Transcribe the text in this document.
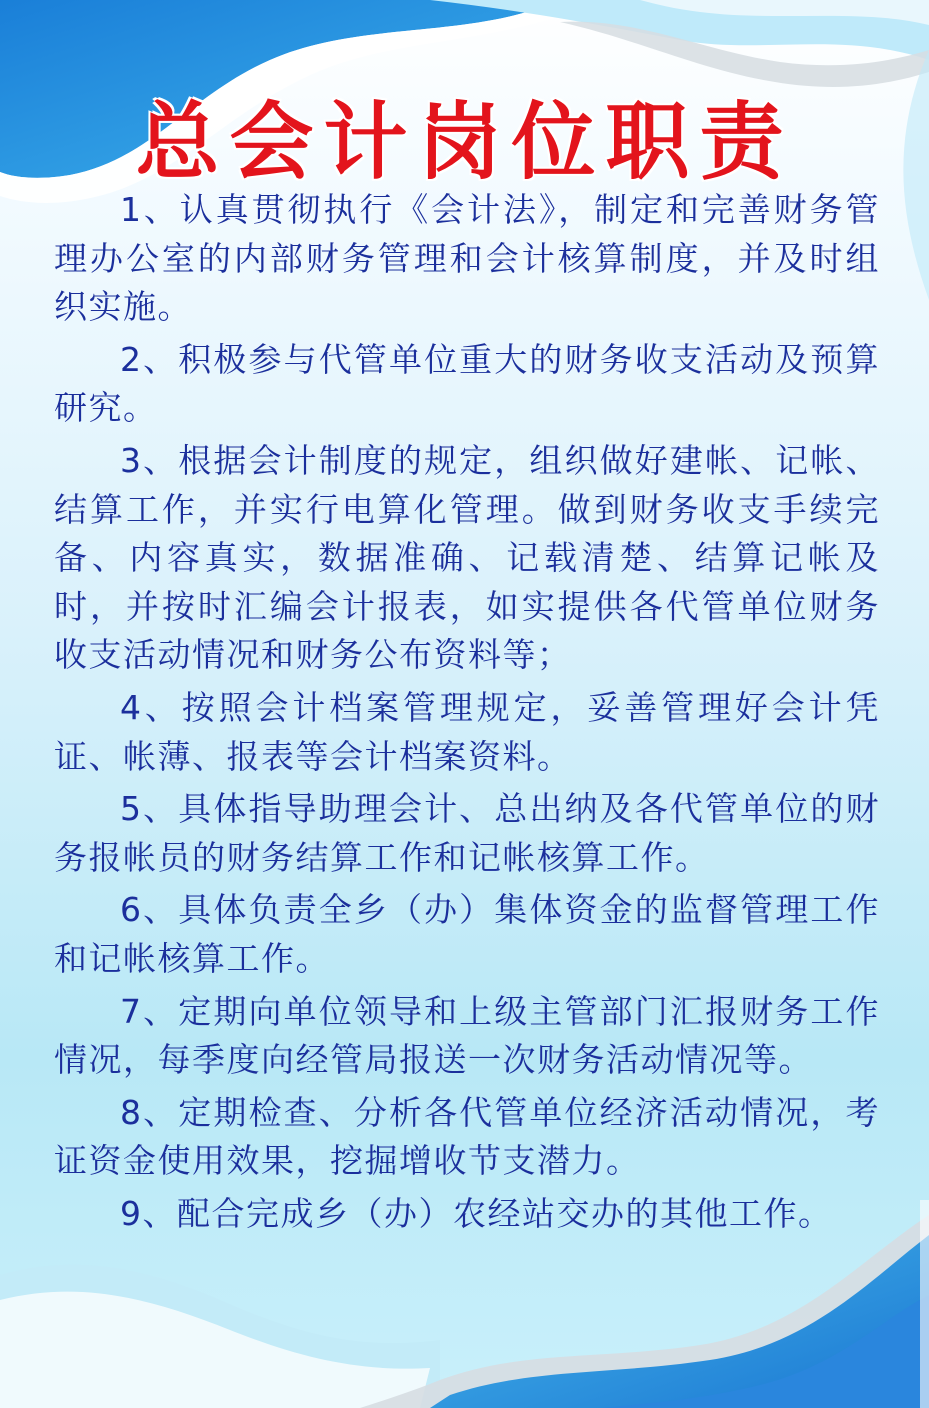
总会计岗位职责

1、认真贯彻执行《会计法》，制定和完善财务管理办公室的内部财务管理和会计核算制度，并及时组织实施。

2、积极参与代管单位重大的财务收支活动及预算研究。

3、根据会计制度的规定，组织做好建帐、记帐、结算工作，并实行电算化管理。做到财务收支手续完备、内容真实，数据准确、记载清楚、结算记帐及时，并按时汇编会计报表，如实提供各代管单位财务收支活动情况和财务公布资料等；

4、按照会计档案管理规定，妥善管理好会计凭证、帐薄、报表等会计档案资料。

5、具体指导助理会计、总出纳及各代管单位的财务报帐员的财务结算工作和记帐核算工作。

6、具体负责全乡（办）集体资金的监督管理工作和记帐核算工作。

7、定期向单位领导和上级主管部门汇报财务工作情况，每季度向经管局报送一次财务活动情况等。

8、定期检查、分析各代管单位经济活动情况，考证资金使用效果，挖掘增收节支潜力。

9、配合完成乡（办）农经站交办的其他工作。
